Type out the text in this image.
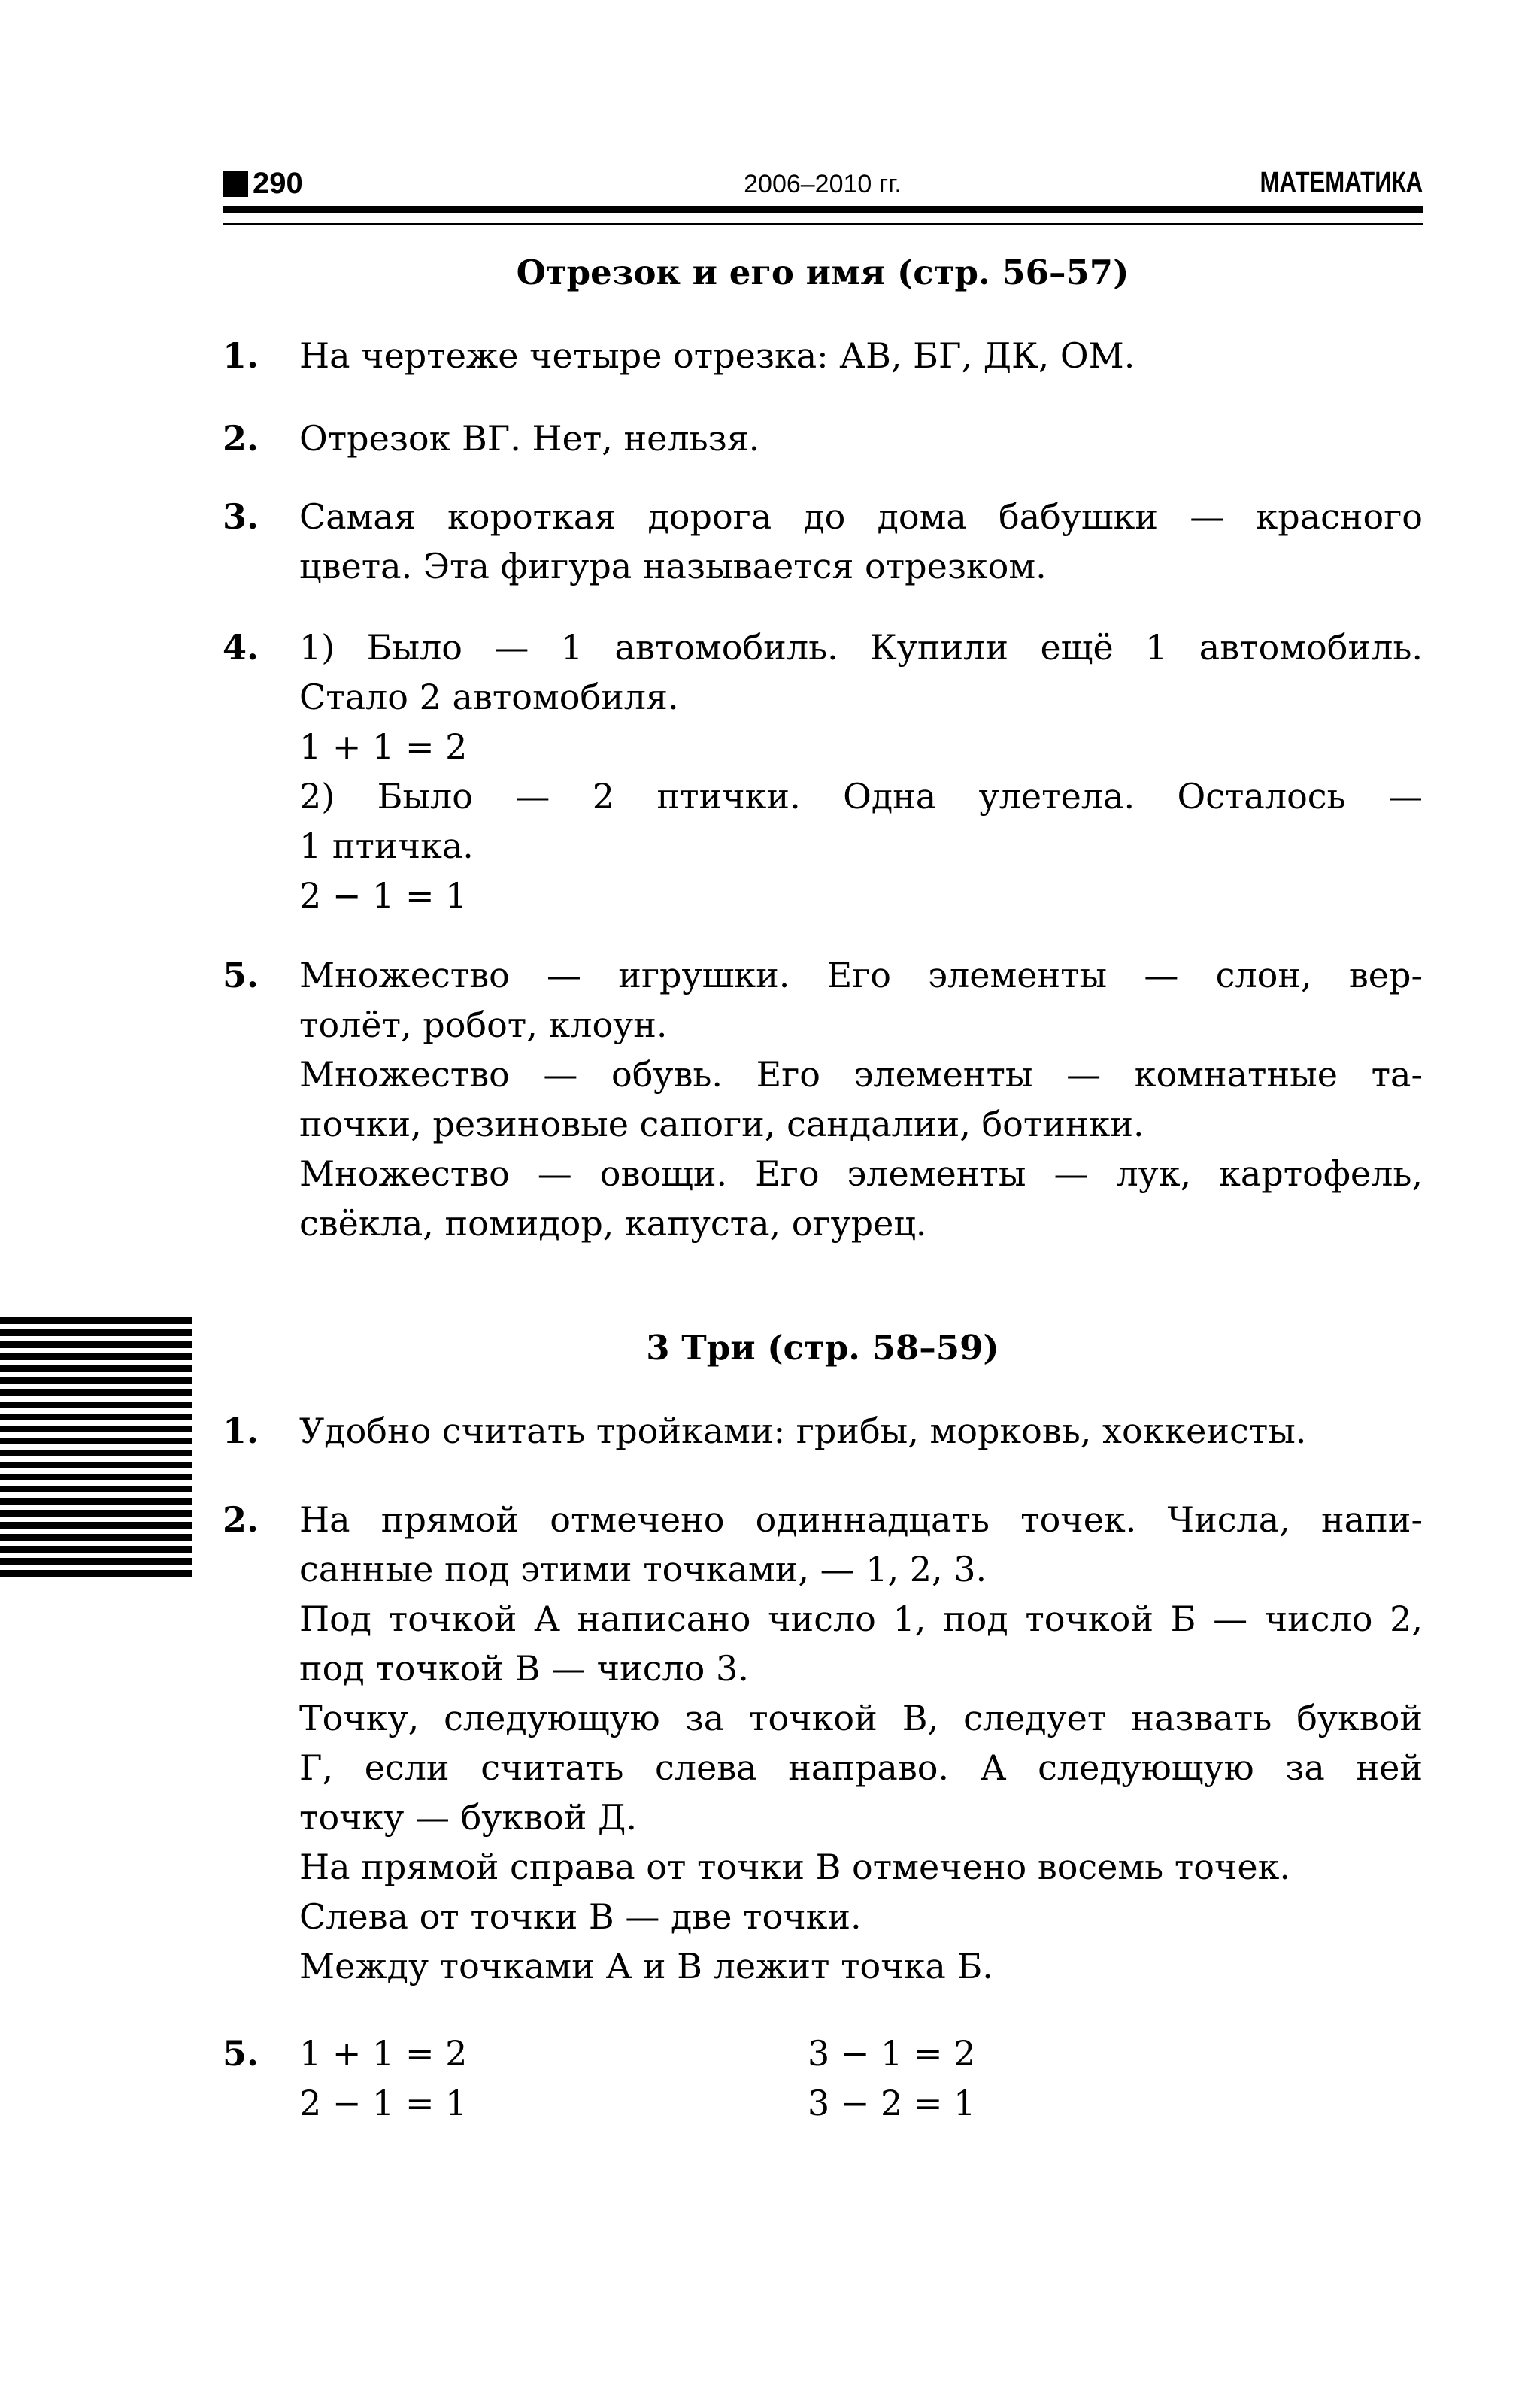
290	2006–2010 гг.	МАТЕМАТИКА
Отрезок и его имя (стр. 56–57)
1. На чертеже четыре отрезка: АВ, БГ, ДК, ОМ.
2. Отрезок ВГ. Нет, нельзя.
3. Самая короткая дорога до дома бабушки — красного
цвета. Эта фигура называется отрезком.
4. 1) Было — 1 автомобиль. Купили ещё 1 автомобиль.
Стало 2 автомобиля.
1 + 1 = 2
2) Было — 2 птички. Одна улетела. Осталось —
1 птичка.
2 − 1 = 1
5. Множество — игрушки. Его элементы — слон, вер-
толёт, робот, клоун.
Множество — обувь. Его элементы — комнатные та-
почки, резиновые сапоги, сандалии, ботинки.
Множество — овощи. Его элементы — лук, картофель,
свёкла, помидор, капуста, огурец.
3 Три (стр. 58–59)
1. Удобно считать тройками: грибы, морковь, хоккеисты.
2. На прямой отмечено одиннадцать точек. Числа, напи-
санные под этими точками, — 1, 2, 3.
Под точкой А написано число 1, под точкой Б — число 2,
под точкой В — число 3.
Точку, следующую за точкой В, следует назвать буквой
Г, если считать слева направо. А следующую за ней
точку — буквой Д.
На прямой справа от точки В отмечено восемь точек.
Слева от точки В — две точки.
Между точками А и В лежит точка Б.
5. 1 + 1 = 2	3 − 1 = 2
2 − 1 = 1	3 − 2 = 1
